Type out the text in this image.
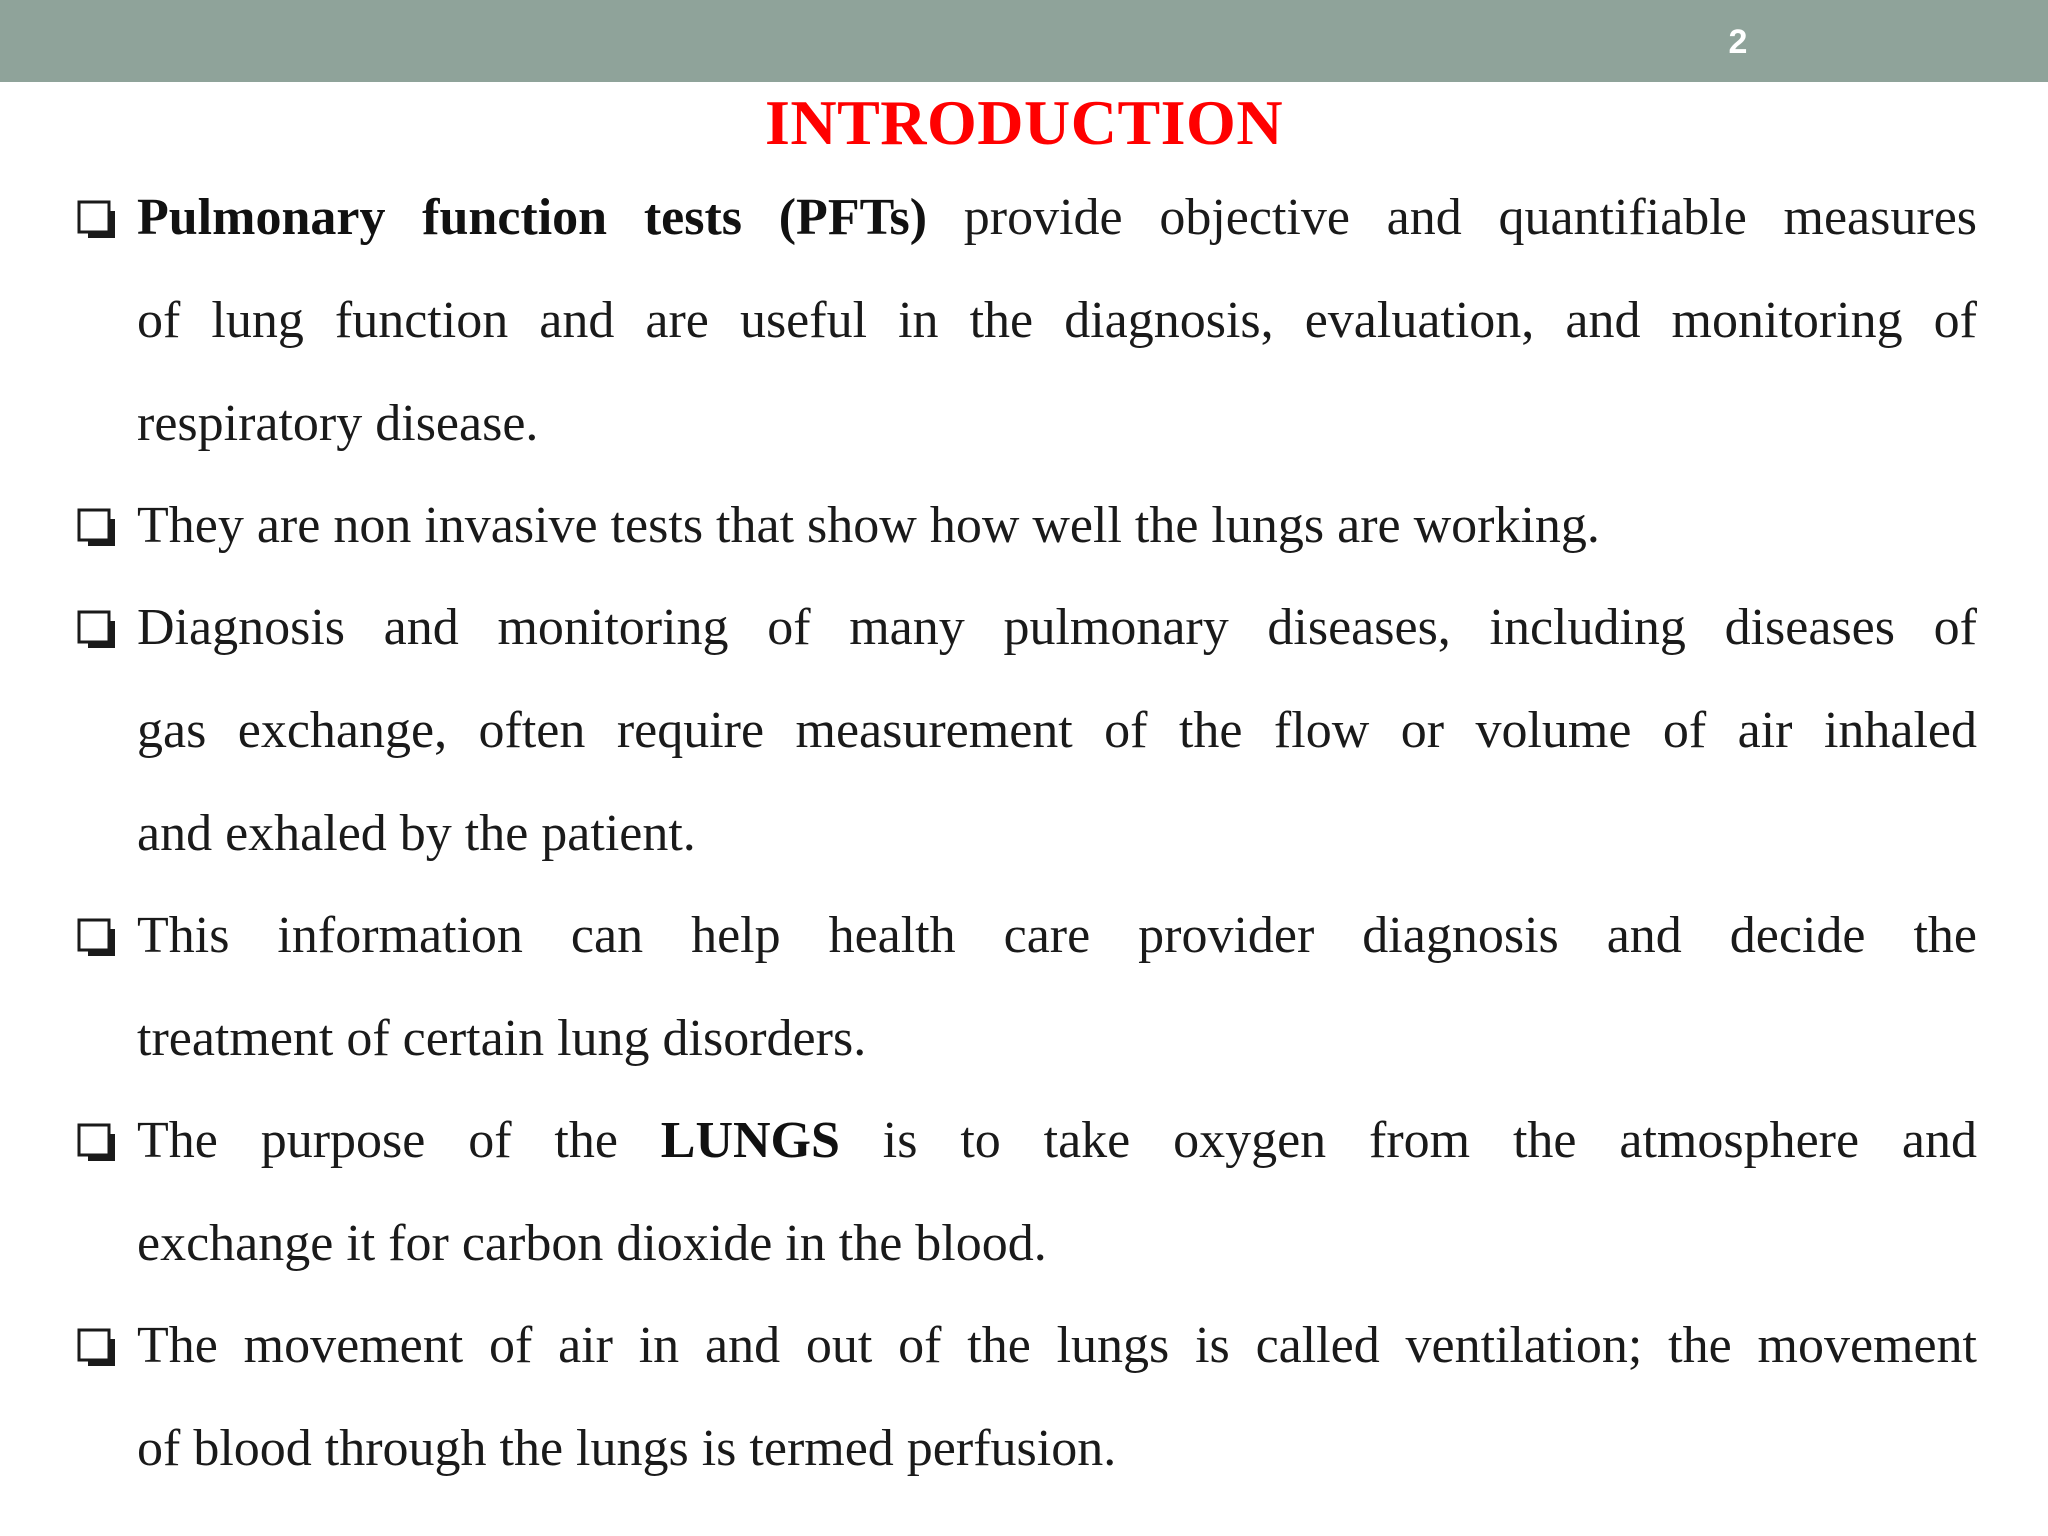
2
INTRODUCTION
Pulmonary function tests (PFTs) provide objective and quantifiable measures
of lung function and are useful in the diagnosis, evaluation, and monitoring of
respiratory disease.
They are non invasive tests that show how well the lungs are working.
Diagnosis and monitoring of many pulmonary diseases, including diseases of
gas exchange, often require measurement of the flow or volume of air inhaled
and exhaled by the patient.
This information can help health care provider diagnosis and decide the
treatment of certain lung disorders.
The purpose of the LUNGS is to take oxygen from the atmosphere and
exchange it for carbon dioxide in the blood.
The movement of air in and out of the lungs is called ventilation; the movement
of blood through the lungs is termed perfusion.
